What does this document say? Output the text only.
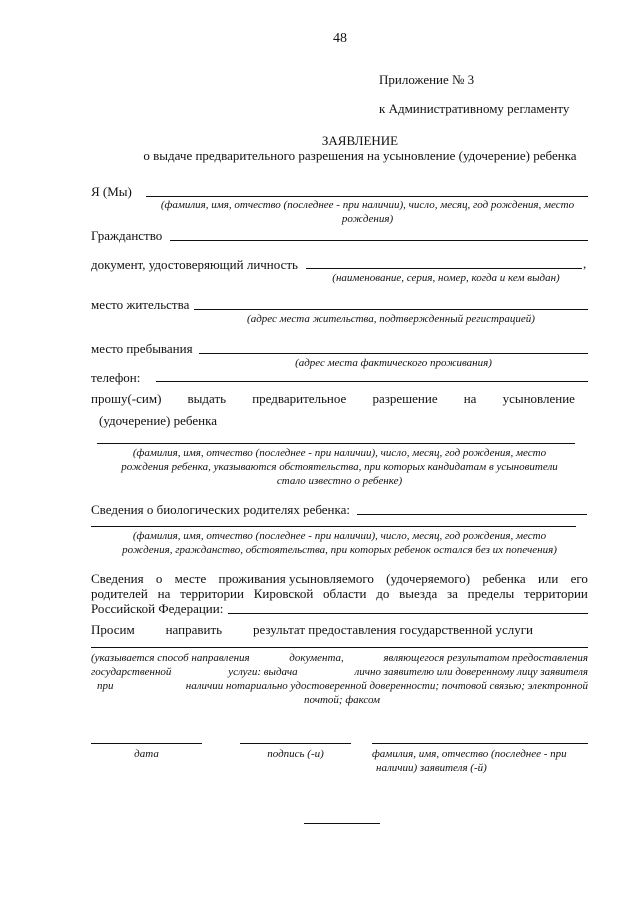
48
Приложение № 3
к Административному регламенту
ЗАЯВЛЕНИЕ
о выдаче предварительного разрешения на усыновление (удочерение) ребенка
Я (Мы)
(фамилия, имя, отчество (последнее - при наличии), число, месяц, год рождения, место
рождения)
Гражданство
документ, удостоверяющий личность	,
(наименование, серия, номер, когда и кем выдан)
место жительства
(адрес места жительства, подтвержденный регистрацией)
место пребывания
(адрес места фактического проживания)
телефон:
прошу(-сим) выдать предварительное разрешение на усыновление
(удочерение) ребенка
(фамилия, имя, отчество (последнее - при наличии), число, месяц, год рождения, место
рождения ребенка, указываются обстоятельства, при которых кандидатам в усыновители
стало известно о ребенке)
Сведения о биологических родителях ребенка:
(фамилия, имя, отчество (последнее - при наличии), число, месяц, год рождения, место
рождения, гражданство, обстоятельства, при которых ребенок остался без их попечения)
Сведения о месте проживания усыновляемого (удочеряемого) ребенка или его
родителей на территории Кировской области до выезда за пределы территории
Российской Федерации:
Просим направить результат предоставления государственной услуги
(указывается способ направления	документа,	являющегося результатом предоставления
государственной	услуги: выдача	лично заявителю или доверенному лицу заявителя
при	наличии нотариально удостоверенной доверенности; почтовой связью; электронной
почтой; факсом
дата	подпись (-и)	фамилия, имя, отчество (последнее - при
наличии) заявителя (-й)
